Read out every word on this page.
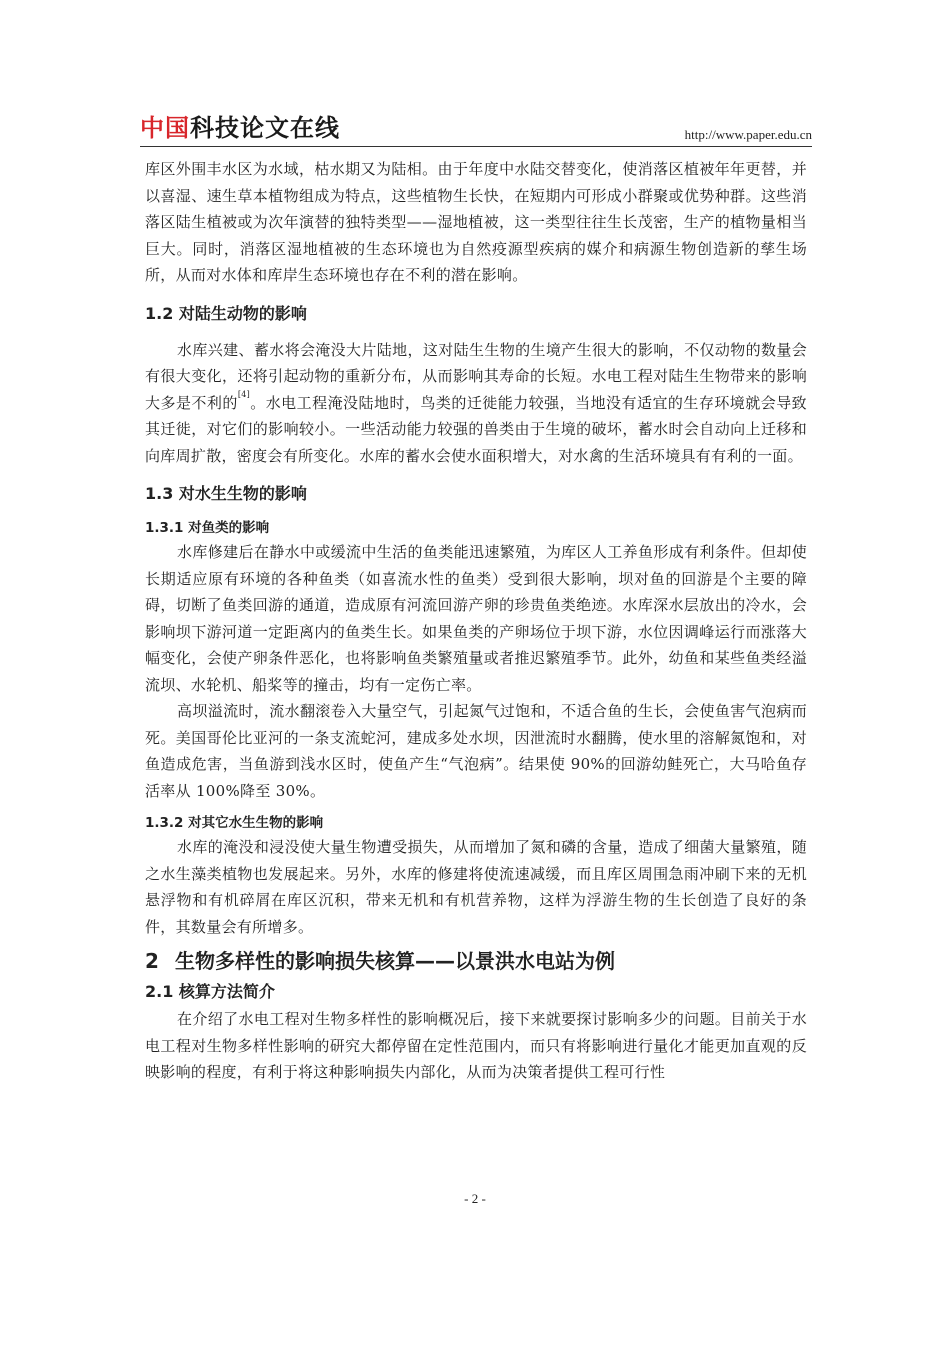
中国科技论文在线	http://www.paper.edu.cn

库区外围丰水区为水域，枯水期又为陆相。由于年度中水陆交替变化，使消落区植被年年更替，并以喜湿、速生草本植物组成为特点，这些植物生长快，在短期内可形成小群聚或优势种群。这些消落区陆生植被或为次年演替的独特类型——湿地植被，这一类型往往生长茂密，生产的植物量相当巨大。同时，消落区湿地植被的生态环境也为自然疫源型疾病的媒介和病源生物创造新的孳生场所，从而对水体和库岸生态环境也存在不利的潜在影响。

1.2 对陆生动物的影响

水库兴建、蓄水将会淹没大片陆地，这对陆生生物的生境产生很大的影响，不仅动物的数量会有很大变化，还将引起动物的重新分布，从而影响其寿命的长短。水电工程对陆生生物带来的影响大多是不利的[4]。水电工程淹没陆地时，鸟类的迁徙能力较强，当地没有适宜的生存环境就会导致其迁徙，对它们的影响较小。一些活动能力较强的兽类由于生境的破坏，蓄水时会自动向上迁移和向库周扩散，密度会有所变化。水库的蓄水会使水面积增大，对水禽的生活环境具有有利的一面。

1.3 对水生生物的影响
1.3.1 对鱼类的影响

水库修建后在静水中或缓流中生活的鱼类能迅速繁殖，为库区人工养鱼形成有利条件。但却使长期适应原有环境的各种鱼类（如喜流水性的鱼类）受到很大影响，坝对鱼的回游是个主要的障碍，切断了鱼类回游的通道，造成原有河流回游产卵的珍贵鱼类绝迹。水库深水层放出的冷水，会影响坝下游河道一定距离内的鱼类生长。如果鱼类的产卵场位于坝下游，水位因调峰运行而涨落大幅变化，会使产卵条件恶化，也将影响鱼类繁殖量或者推迟繁殖季节。此外，幼鱼和某些鱼类经溢流坝、水轮机、船桨等的撞击，均有一定伤亡率。

高坝溢流时，流水翻滚卷入大量空气，引起氮气过饱和，不适合鱼的生长，会使鱼害气泡病而死。美国哥伦比亚河的一条支流蛇河，建成多处水坝，因泄流时水翻腾，使水里的溶解氮饱和，对鱼造成危害，当鱼游到浅水区时，使鱼产生“气泡病”。结果使 90%的回游幼鲑死亡，大马哈鱼存活率从 100%降至 30%。

1.3.2 对其它水生生物的影响

水库的淹没和浸没使大量生物遭受损失，从而增加了氮和磷的含量，造成了细菌大量繁殖，随之水生藻类植物也发展起来。另外，水库的修建将使流速减缓，而且库区周围急雨冲刷下来的无机悬浮物和有机碎屑在库区沉积，带来无机和有机营养物，这样为浮游生物的生长创造了良好的条件，其数量会有所增多。

2 生物多样性的影响损失核算——以景洪水电站为例
2.1 核算方法简介

在介绍了水电工程对生物多样性的影响概况后，接下来就要探讨影响多少的问题。目前关于水电工程对生物多样性影响的研究大都停留在定性范围内，而只有将影响进行量化才能更加直观的反映影响的程度，有利于将这种影响损失内部化，从而为决策者提供工程可行性

- 2 -
